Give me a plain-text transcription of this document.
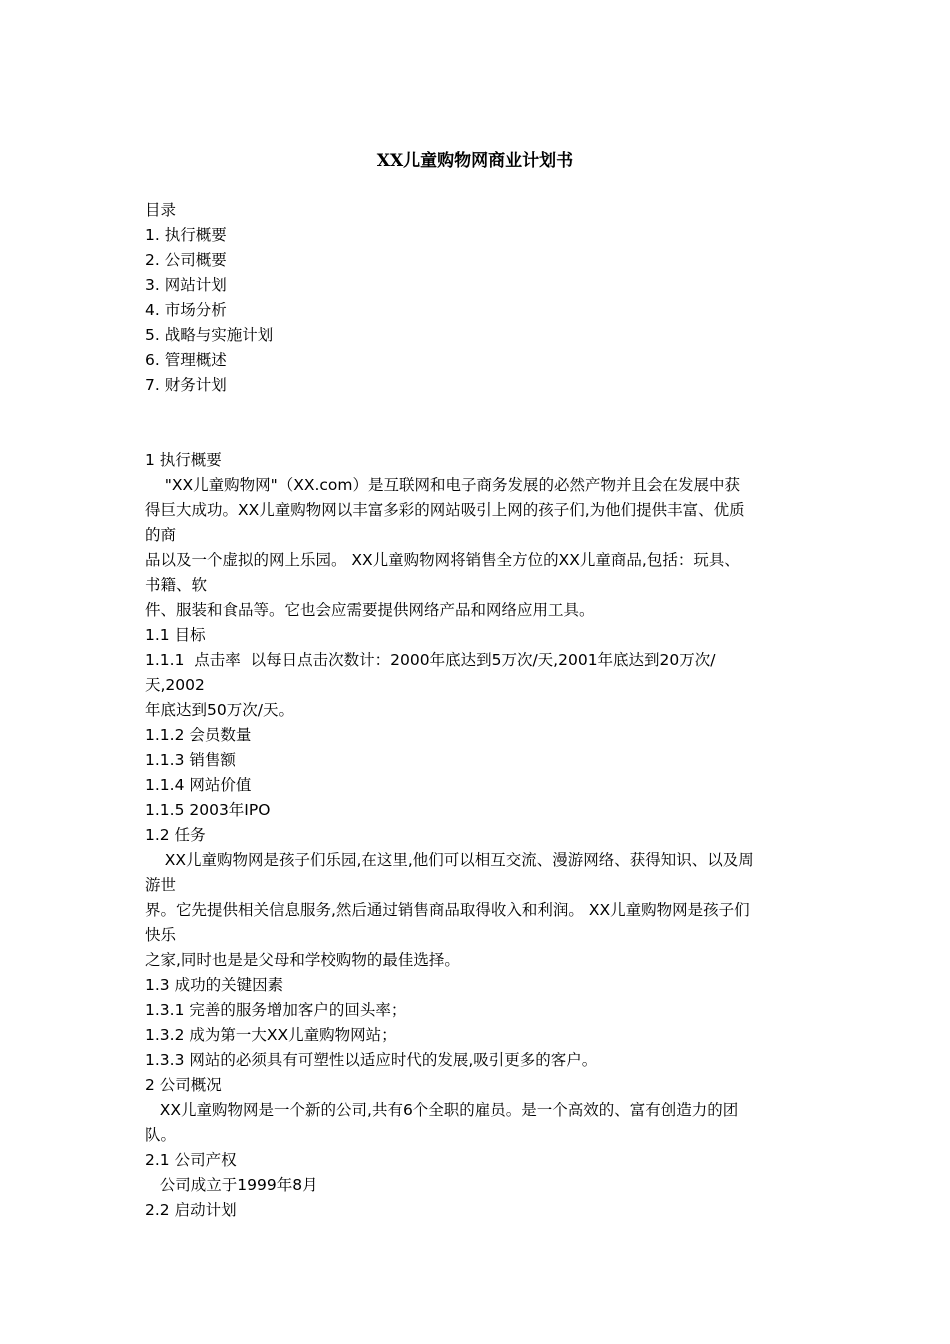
XX儿童购物网商业计划书
目录
1. 执行概要
2. 公司概要
3. 网站计划
4. 市场分析
5. 战略与实施计划
6. 管理概述
7. 财务计划
1 执行概要
"XX儿童购物网"（XX.com）是互联网和电子商务发展的必然产物并且会在发展中获
得巨大成功。XX儿童购物网以丰富多彩的网站吸引上网的孩子们,为他们提供丰富、优质
的商
品以及一个虚拟的网上乐园。 XX儿童购物网将销售全方位的XX儿童商品,包括：玩具、
书籍、软
件、服装和食品等。它也会应需要提供网络产品和网络应用工具。
1.1 目标
1.1.1  点击率  以每日点击次数计：2000年底达到5万次/天,2001年底达到20万次/
天,2002
年底达到50万次/天。
1.1.2 会员数量
1.1.3 销售额
1.1.4 网站价值
1.1.5 2003年IPO
1.2 任务
XX儿童购物网是孩子们乐园,在这里,他们可以相互交流、漫游网络、获得知识、以及周
游世
界。它先提供相关信息服务,然后通过销售商品取得收入和利润。 XX儿童购物网是孩子们
快乐
之家,同时也是是父母和学校购物的最佳选择。
1.3 成功的关键因素
1.3.1 完善的服务增加客户的回头率；
1.3.2 成为第一大XX儿童购物网站；
1.3.3 网站的必须具有可塑性以适应时代的发展,吸引更多的客户。
2 公司概况
XX儿童购物网是一个新的公司,共有6个全职的雇员。是一个高效的、富有创造力的团
队。
2.1 公司产权
公司成立于1999年8月
2.2 启动计划
